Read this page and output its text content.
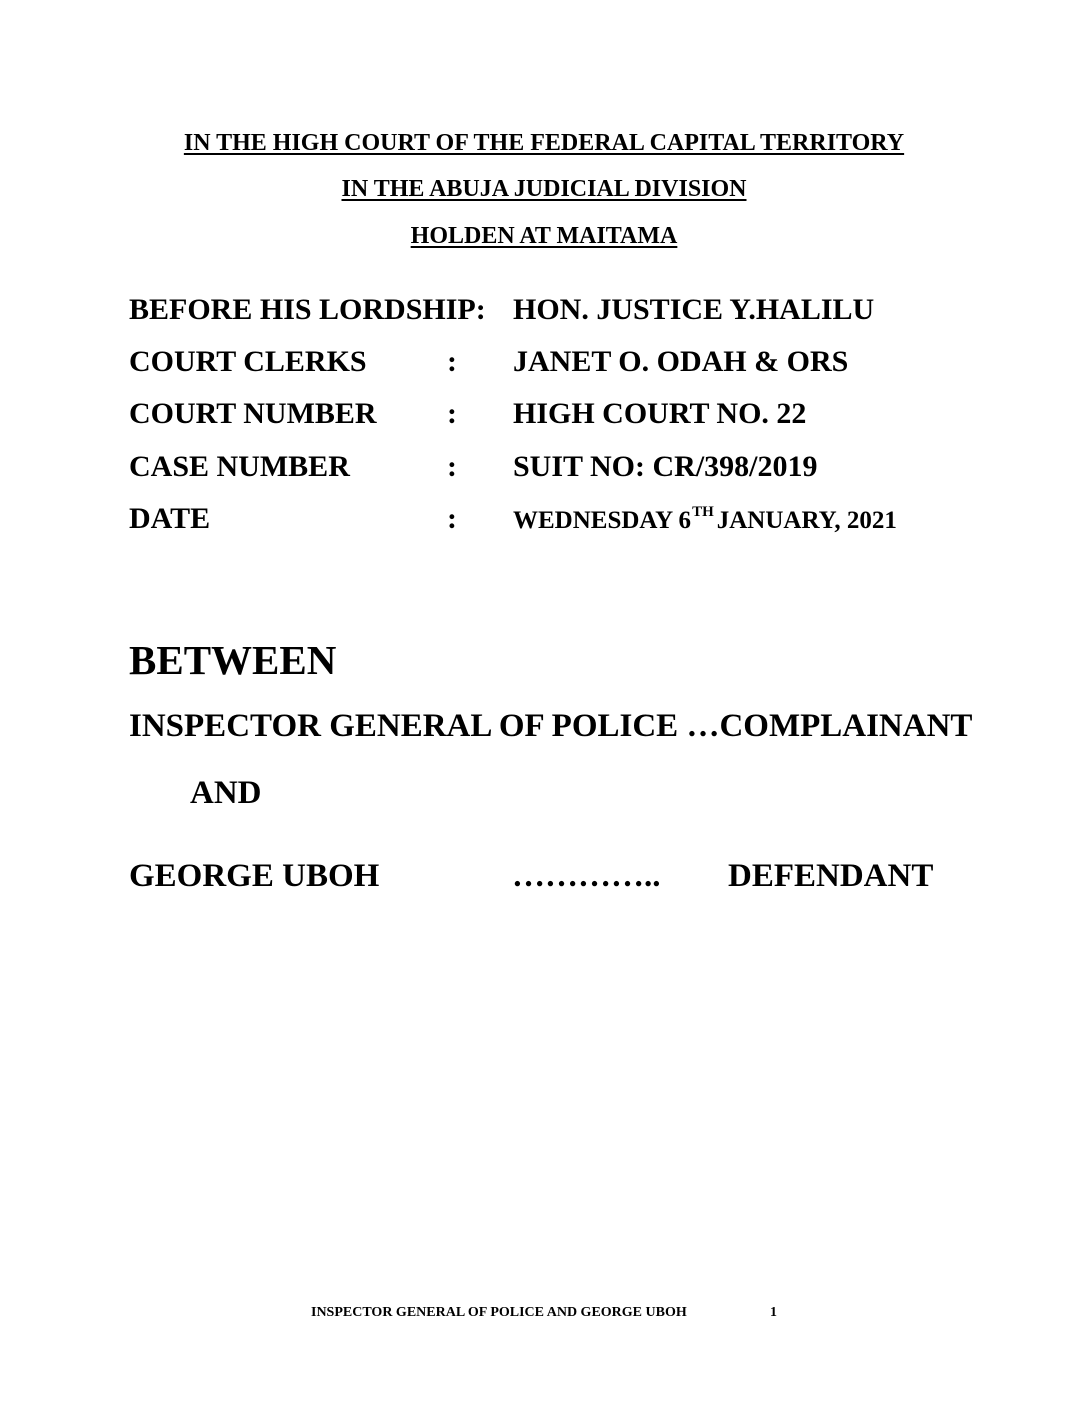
IN THE HIGH COURT OF THE FEDERAL CAPITAL TERRITORY
IN THE ABUJA JUDICIAL DIVISION
HOLDEN AT MAITAMA
BEFORE HIS LORDSHIP: HON. JUSTICE Y.HALILU
COURT CLERKS	: JANET O. ODAH & ORS
COURT NUMBER : HIGH COURT NO. 22
CASE NUMBER	: SUIT NO: CR/398/2019
DATE	: WEDNESDAY 6TH JANUARY, 2021
BETWEEN
INSPECTOR GENERAL OF POLICE …COMPLAINANT
AND
GEORGE UBOH	………….. DEFENDANT
INSPECTOR GENERAL OF POLICE AND GEORGE UBOH	1
